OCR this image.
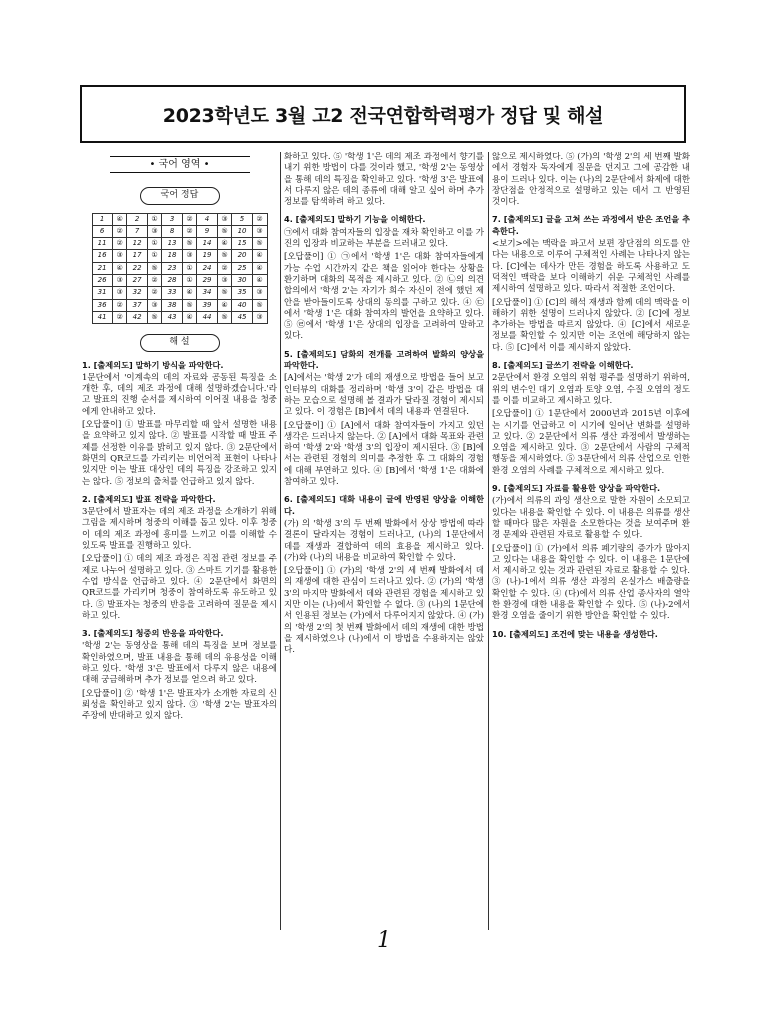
2023학년도 3월 고2 전국연합학력평가 정답 및 해설
• 국어 영역 •
국어 정답
1	④	2	①	3	②	4	③	5	②
6	②	7	③	8	②	9	⑤	10	③
11	②	12	①	13	⑤	14	④	15	⑤
16	③	17	①	18	③	19	⑤	20	④
21	④	22	⑤	23	①	24	②	25	④
26	③	27	②	28	①	29	③	30	④
31	③	32	②	33	④	34	⑤	35	③
36	②	37	③	38	⑤	39	④	40	⑤
41	②	42	⑤	43	④	44	⑤	45	③
해 설

1. [출제의도] 말하기 방식을 파악한다.

1문단에서 '이계속의 데의 자료와 공동된 특징을 소개한 후, 데의 제조 과정에 대해 설명하겠습니다.'라고 발표의 진행 순서를 제시하여 이어질 내용을 청중에게 안내하고 있다.

[오답풀이] ① 발표를 마무리할 때 앞서 설명한 내용을 요약하고 있지 않다. ② 발표를 시작할 때 발표 주제를 선정한 이유를 밝히고 있지 않다. ③ 2문단에서 화면의 QR코드를 가리키는 비언어적 표현이 나타나 있지만 이는 발표 대상인 데의 특징을 강조하고 있지는 않다. ⑤ 정보의 출처를 언급하고 있지 않다.

2. [출제의도] 발표 전략을 파악한다.

3문단에서 발표자는 데의 제조 과정을 소개하기 위해 그림을 제시하며 청중의 이해를 돕고 있다. 이후 청중이 데의 제조 과정에 흥미를 느끼고 이를 이해할 수 있도록 발표를 진행하고 있다.

[오답풀이] ① 데의 제조 과정은 직접 관련 정보를 주제로 나누어 설명하고 있다. ③ 스마트 기기를 활용한 수업 방식을 언급하고 있다. ④ 2문단에서 화면의 QR코드를 가리키며 청중이 참여하도록 유도하고 있다. ⑤ 발표자는 청중의 반응을 고려하여 질문을 제시하고 있다.

3. [출제의도] 청중의 반응을 파악한다.

'학생 2'는 동영상을 통해 데의 특징을 보며 정보를 확인하였으며, 발표 내용을 통해 데의 유용성을 이해하고 있다. '학생 3'은 발표에서 다루지 않은 내용에 대해 궁금해하며 추가 정보를 얻으려 하고 있다.

[오답풀이] ② '학생 1'은 발표자가 소개한 자료의 신뢰성을 확인하고 있지 않다. ③ '학생 2'는 발표자의 주장에 반대하고 있지 않다.

화하고 있다. ⑤ '학생 1'은 데의 제조 과정에서 향기를 내기 위한 방법이 다를 것이라 했고, '학생 2'는 동영상을 통해 데의 특징을 확인하고 있다. '학생 3'은 발표에서 다루지 않은 데의 종류에 대해 알고 싶어 하며 추가 정보를 탐색하려 하고 있다.

4. [출제의도] 말하기 기능을 이해한다.

㉠에서 대화 참여자들의 입장을 재차 확인하고 이를 가진의 입장과 비교하는 부분을 드러내고 있다.

[오답풀이] ① ㉠에서 '학생 1'은 대화 참여자들에게 가능 수업 시간까지 같은 책을 읽어야 한다는 상황을 환기하며 대화의 목적을 제시하고 있다. ② ㉡의 의견 합의에서 '학생 2'는 자기가 희수 자신이 전에 했던 제안을 받아들이도록 상대의 동의를 구하고 있다. ④ ㉢에서 '학생 1'은 대화 참여자의 발언을 요약하고 있다. ⑤ ㉣에서 '학생 1'은 상대의 입장을 고려하여 말하고 있다.

5. [출제의도] 담화의 전개를 고려하여 발화의 양상을 파악한다.

[A]에서는 '학생 2'가 데의 재생으로 방법을 들어 보고 인터뷰의 대화를 정리하며 '학생 3'이 같은 방법을 대하는 모습으로 설명해 볼 결과가 달라질 경험이 제시되고 있다. 이 경험은 [B]에서 데의 내용과 연결된다.

[오답풀이] ① [A]에서 대화 참여자들이 가지고 있던 생각은 드러나지 않는다. ② [A]에서 대화 목표와 관련하여 '학생 2'와 '학생 3'의 입장이 제시된다. ③ [B]에서는 관련된 경험의 의미를 추정한 후 그 대화의 경험에 대해 부연하고 있다. ④ [B]에서 '학생 1'은 대화에 참여하고 있다.

6. [출제의도] 대화 내용이 글에 반영된 양상을 이해한다.

(가) 의 '학생 3'의 두 번째 발화에서 상상 방법에 따라 결론이 달라지는 경험이 드러나고, (나)의 1문단에서 데를 재생과 결합하여 데의 효용을 제시하고 있다. (가)와 (나)의 내용을 비교하여 확인할 수 있다.

[오답풀이] ① (가)의 '학생 2'의 세 번째 발화에서 데의 재생에 대한 관심이 드러나고 있다. ② (가)의 '학생 3'의 마지막 발화에서 데와 관련된 경험을 제시하고 있지만 이는 (나)에서 확인할 수 없다. ③ (나)의 1문단에서 인용된 정보는 (가)에서 다루어지지 않았다. ④ (가)의 '학생 2'의 첫 번째 발화에서 데의 재생에 대한 방법을 제시하였으나 (나)에서 이 방법을 수용하지는 않았다.

않으로 제시하였다. ⑤ (가)의 '학생 2'의 세 번째 발화에서 경험자 독자에게 질문을 던지고 그에 공감한 내용이 드러나 있다. 이는 (나)의 2문단에서 화제에 대한 장단점을 안정적으로 설명하고 있는 데서 그 반영된 것이다.

7. [출제의도] 글을 고쳐 쓰는 과정에서 받은 조언을 추측한다.

<보기>에는 맥락을 파고서 보편 장단점의 의도를 안다는 내용으로 이루어 구체적인 사례는 나타나지 않는다. [C]에는 데사가 만든 경험을 하도록 사용하고 도덕적인 맥락을 보다 이해하기 쉬운 구체적인 사례를 제시하여 설명하고 있다. 따라서 적절한 조언이다.

[오답풀이] ① [C]의 해석 재생과 함께 데의 맥락을 이해하기 위한 설명이 드러나지 않았다. ② [C]에 정보 추가하는 방법을 따르지 않았다. ④ [C]에서 새로운 정보를 확인할 수 있지만 이는 조언에 해당하지 않는다. ⑤ [C]에서 이를 제시하지 않았다.

8. [출제의도] 글쓰기 전략을 이해한다.

2문단에서 환경 오염의 위험 평주를 설명하기 위하여, 위의 변수인 대기 오염과 토양 오염, 수질 오염의 정도를 이를 비교하고 제시하고 있다.

[오답풀이] ① 1문단에서 2000년과 2015년 이후에는 시기를 언급하고 이 시기에 일어난 변화를 설명하고 있다. ② 2문단에서 의류 생산 과정에서 발생하는 오염을 제시하고 있다. ③ 2문단에서 사람의 구체적 행동을 제시하였다. ⑤ 3문단에서 의류 산업으로 인한 환경 오염의 사례를 구체적으로 제시하고 있다.

9. [출제의도] 자료를 활용한 양상을 파악한다.

(가)에서 의류의 과잉 생산으로 말한 자원이 소모되고 있다는 내용을 확인할 수 있다. 이 내용은 의류를 생산할 때마다 많은 자원을 소모한다는 것을 보여주며 환경 문제와 관련된 자료로 활용할 수 있다.

[오답풀이] ① (가)에서 의류 폐기량의 증가가 많아지고 있다는 내용을 확인할 수 있다. 이 내용은 1문단에서 제시하고 있는 것과 관련된 자료로 활용할 수 있다. ③ (나)-1에서 의류 생산 과정의 온실가스 배출량을 확인할 수 있다. ④ (다)에서 의류 산업 종사자의 열악한 환경에 대한 내용을 확인할 수 있다. ⑤ (나)-2에서 환경 오염을 줄이기 위한 방안을 확인할 수 있다.

10. [출제의도] 조건에 맞는 내용을 생성한다.

1
